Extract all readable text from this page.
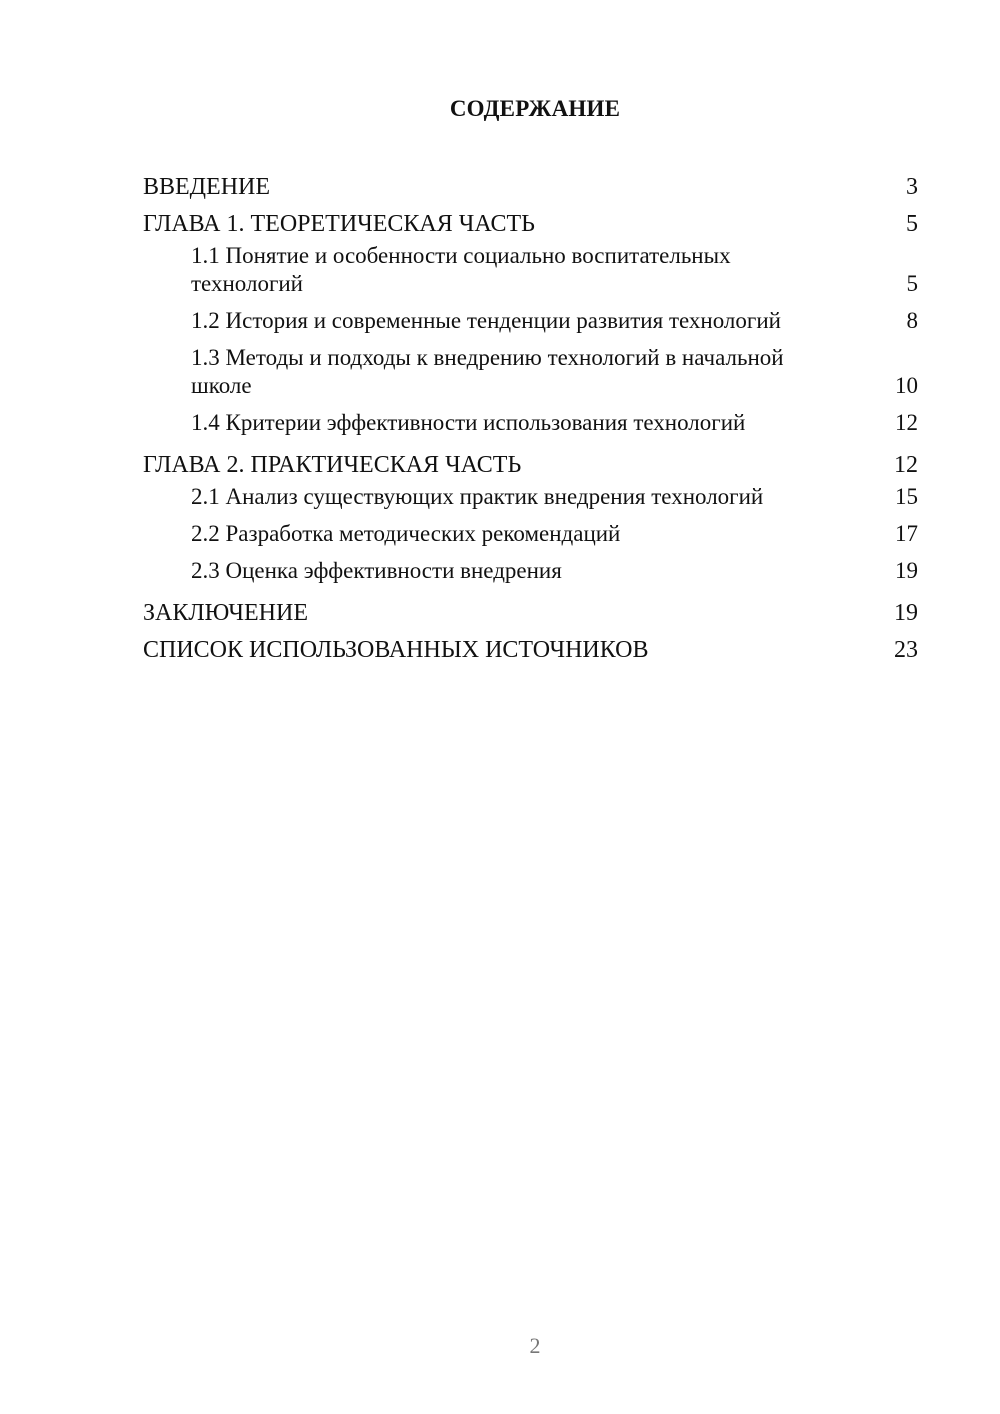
СОДЕРЖАНИЕ
ВВЕДЕНИЕ	3
ГЛАВА 1. ТЕОРЕТИЧЕСКАЯ ЧАСТЬ	5
1.1 Понятие и особенности социально воспитательных технологий	5
1.2 История и современные тенденции развития технологий	8
1.3 Методы и подходы к внедрению технологий в начальной школе	10
1.4 Критерии эффективности использования технологий	12
ГЛАВА 2. ПРАКТИЧЕСКАЯ ЧАСТЬ	12
2.1 Анализ существующих практик внедрения технологий	15
2.2 Разработка методических рекомендаций	17
2.3 Оценка эффективности внедрения	19
ЗАКЛЮЧЕНИЕ	19
СПИСОК ИСПОЛЬЗОВАННЫХ ИСТОЧНИКОВ	23
2
